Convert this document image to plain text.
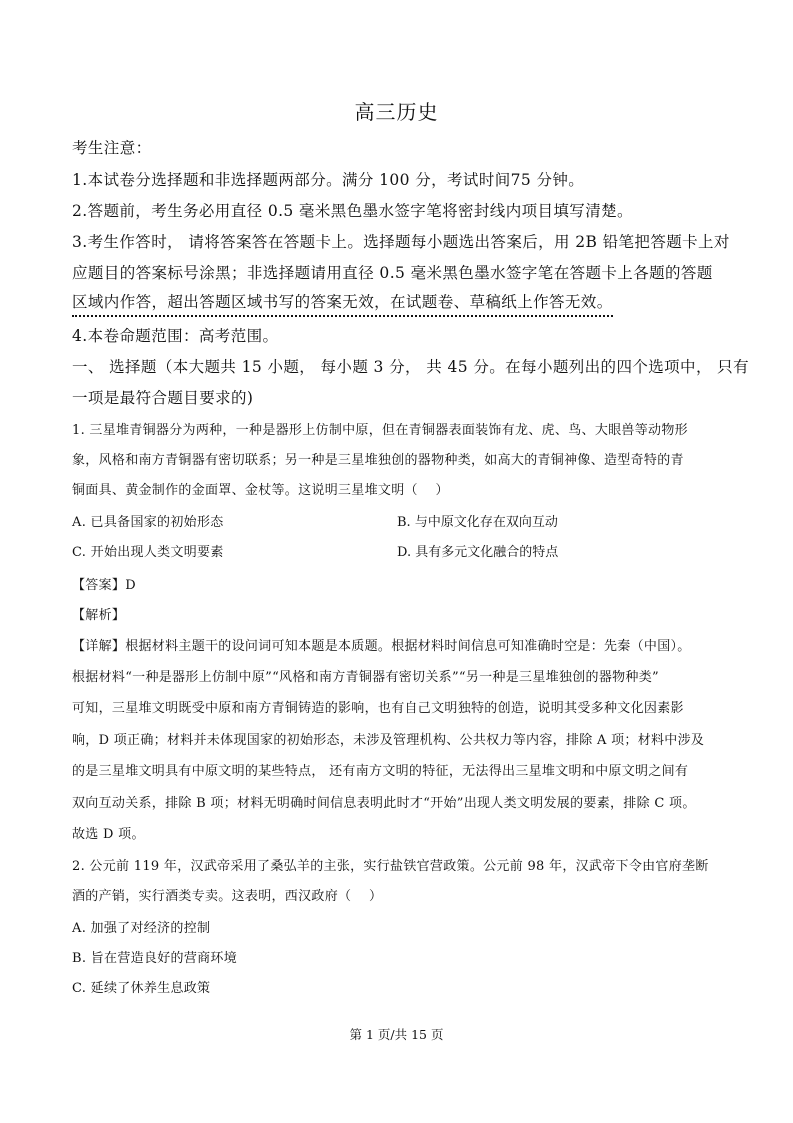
高三历史
考生注意：
1.本试卷分选择题和非选择题两部分。满分 100 分，考试时间75 分钟。
2.答题前，考生务必用直径 0.5 毫米黑色墨水签字笔将密封线内项目填写清楚。
3.考生作答时， 请将答案答在答题卡上。选择题每小题选出答案后，用 2B 铅笔把答题卡上对
应题目的答案标号涂黑；非选择题请用直径 0.5 毫米黑色墨水签字笔在答题卡上各题的答题
区域内作答，超出答题区域书写的答案无效，在试题卷、草稿纸上作答无效。
4.本卷命题范围：高考范围。
一、 选择题（本大题共 15 小题， 每小题 3 分， 共 45 分。在每小题列出的四个选项中， 只有
一项是最符合题目要求的)
1. 三星堆青铜器分为两种，一种是器形上仿制中原，但在青铜器表面装饰有龙、虎、鸟、大眼兽等动物形
象，风格和南方青铜器有密切联系；另一种是三星堆独创的器物种类，如高大的青铜神像、造型奇特的青
铜面具、黄金制作的金面罩、金杖等。这说明三星堆文明（　 ）
A. 已具备国家的初始形态	B. 与中原文化存在双向互动
C. 开始出现人类文明要素	D. 具有多元文化融合的特点
【答案】D
【解析】
【详解】根据材料主题干的设问词可知本题是本质题。根据材料时间信息可知准确时空是：先秦（中国）。
根据材料“一种是器形上仿制中原”“风格和南方青铜器有密切关系”“另一种是三星堆独创的器物种类”
可知，三星堆文明既受中原和南方青铜铸造的影响，也有自己文明独特的创造，说明其受多种文化因素影
响，D 项正确；材料并未体现国家的初始形态，未涉及管理机构、公共权力等内容，排除 A 项；材料中涉及
的是三星堆文明具有中原文明的某些特点， 还有南方文明的特征，无法得出三星堆文明和中原文明之间有
双向互动关系，排除 B 项；材料无明确时间信息表明此时才“开始”出现人类文明发展的要素，排除 C 项。
故选 D 项。
2. 公元前 119 年，汉武帝采用了桑弘羊的主张，实行盐铁官营政策。公元前 98 年，汉武帝下令由官府垄断
酒的产销，实行酒类专卖。这表明，西汉政府（　 ）
A. 加强了对经济的控制
B. 旨在营造良好的营商环境
C. 延续了休养生息政策
第 1 页/共 15 页
